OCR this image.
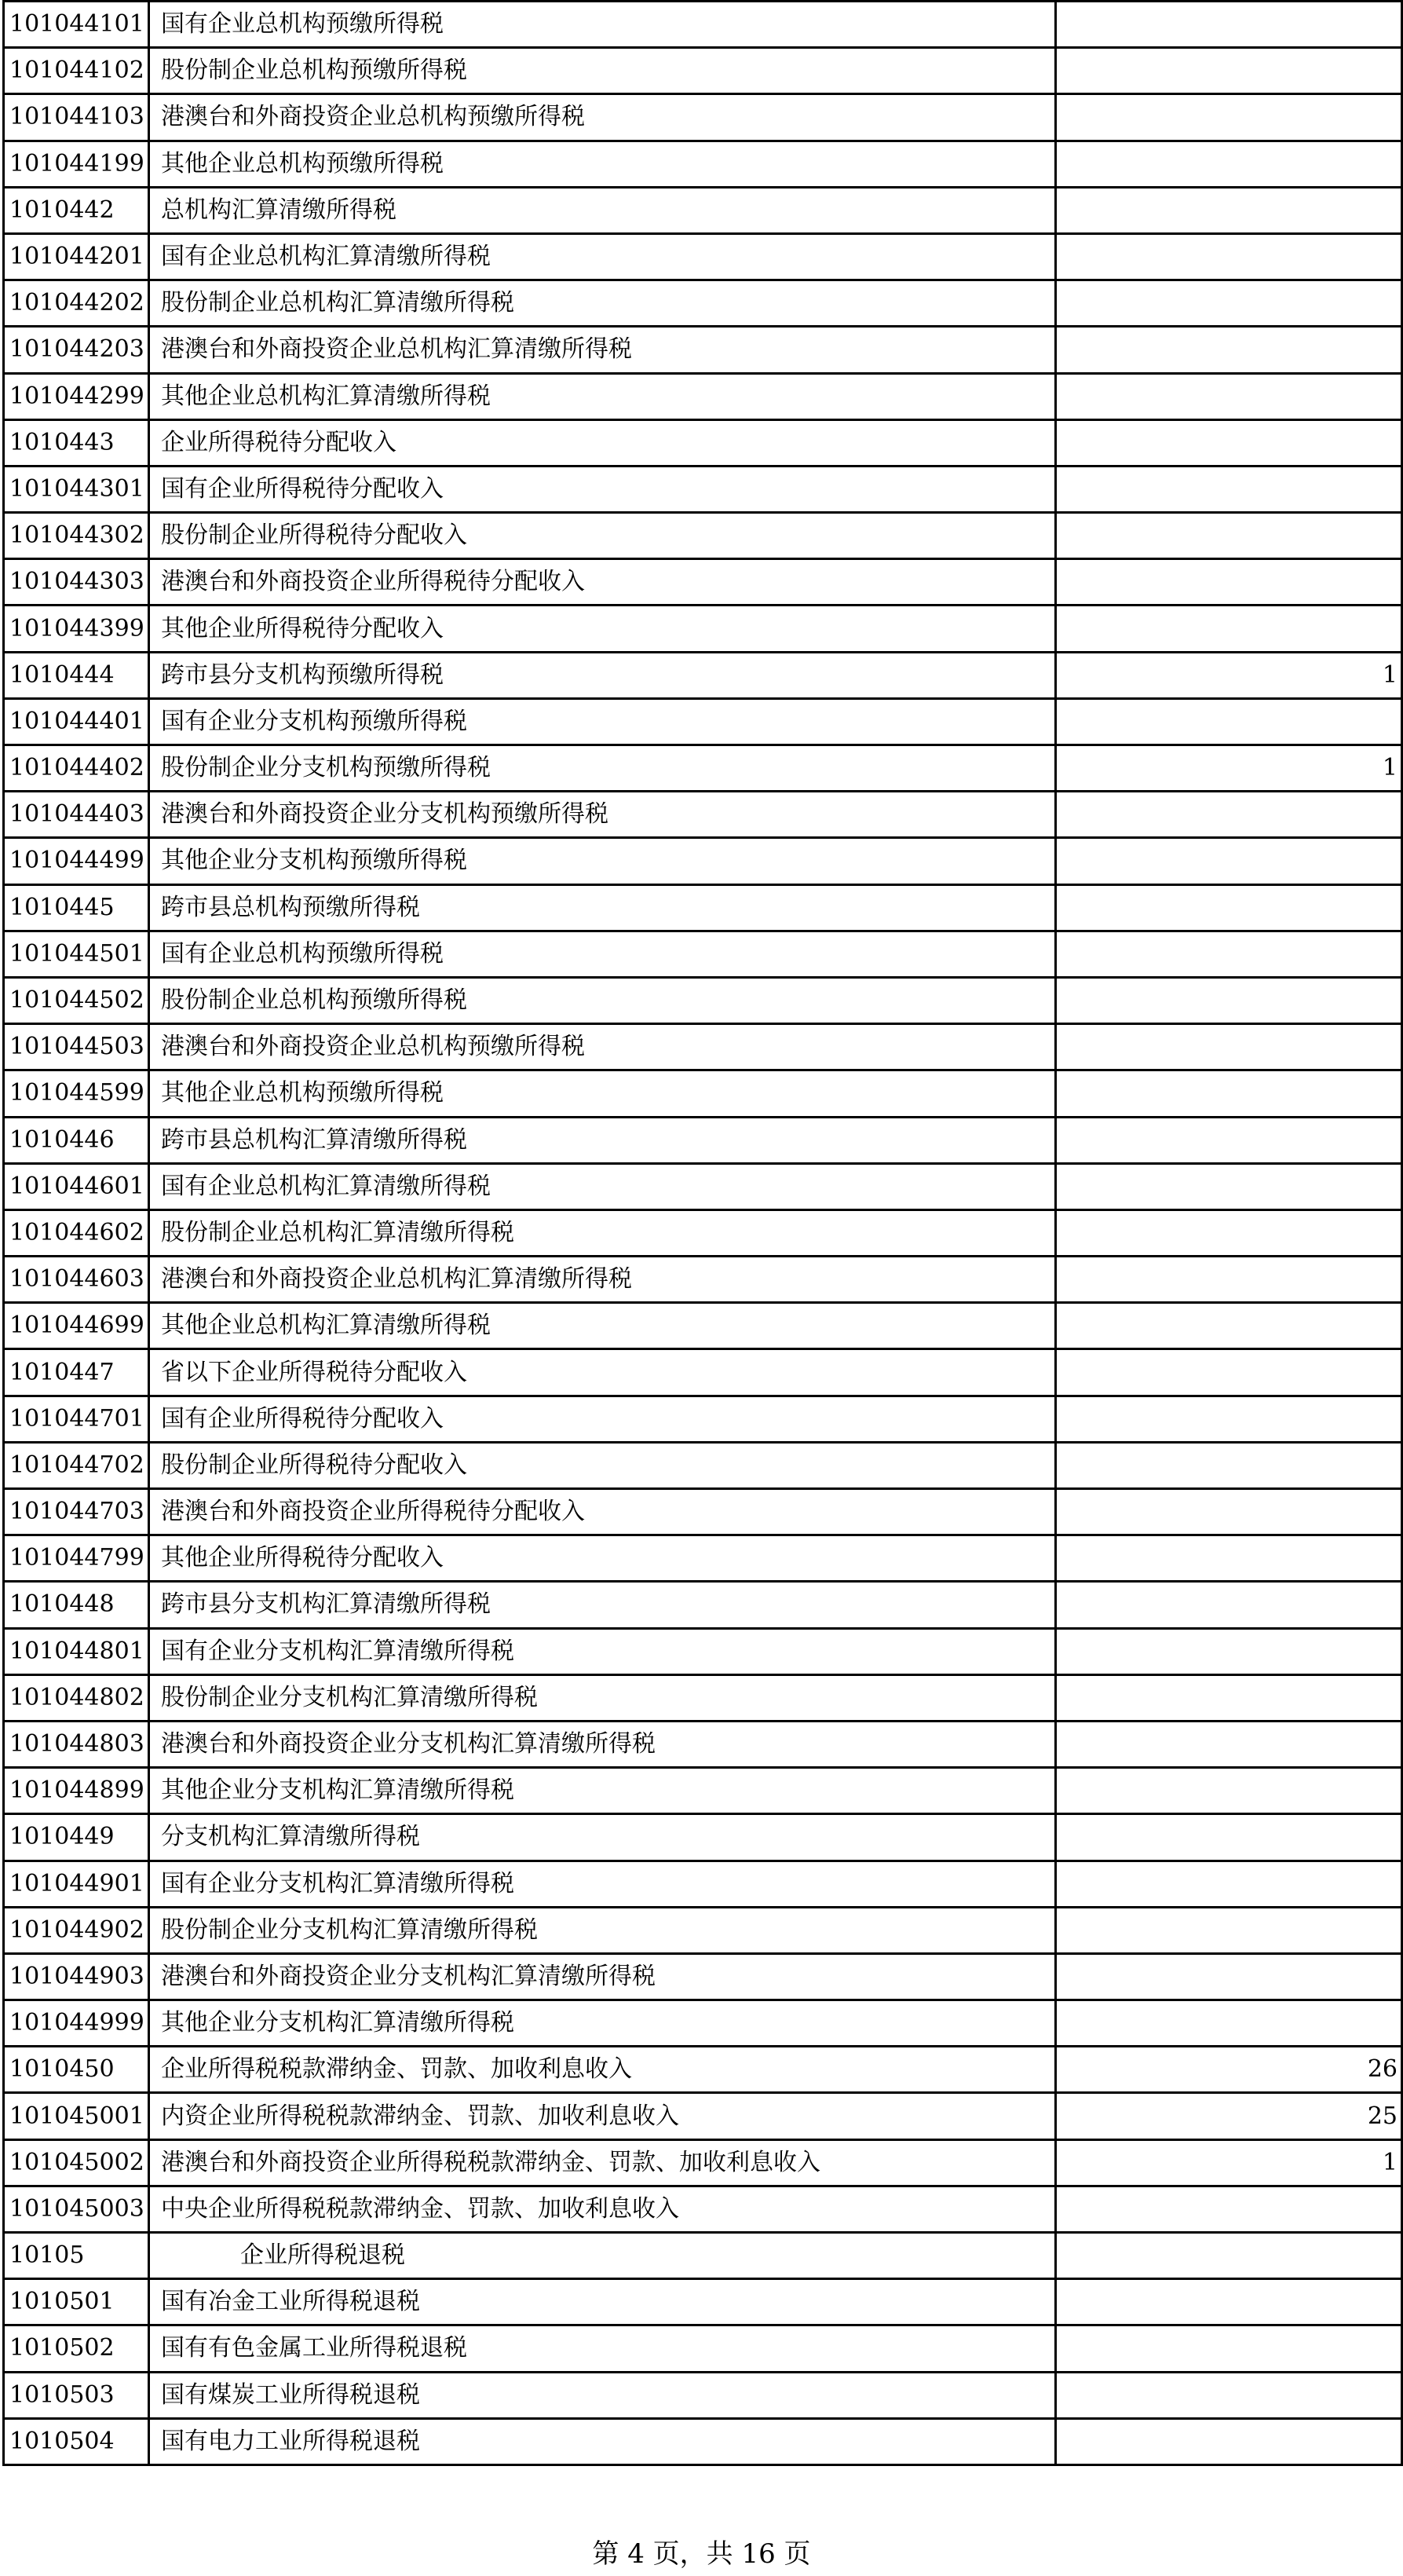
101044101	国有企业总机构预缴所得税	
101044102	股份制企业总机构预缴所得税	
101044103	港澳台和外商投资企业总机构预缴所得税	
101044199	其他企业总机构预缴所得税	
1010442	总机构汇算清缴所得税	
101044201	国有企业总机构汇算清缴所得税	
101044202	股份制企业总机构汇算清缴所得税	
101044203	港澳台和外商投资企业总机构汇算清缴所得税	
101044299	其他企业总机构汇算清缴所得税	
1010443	企业所得税待分配收入	
101044301	国有企业所得税待分配收入	
101044302	股份制企业所得税待分配收入	
101044303	港澳台和外商投资企业所得税待分配收入	
101044399	其他企业所得税待分配收入	
1010444	跨市县分支机构预缴所得税	1
101044401	国有企业分支机构预缴所得税	
101044402	股份制企业分支机构预缴所得税	1
101044403	港澳台和外商投资企业分支机构预缴所得税	
101044499	其他企业分支机构预缴所得税	
1010445	跨市县总机构预缴所得税	
101044501	国有企业总机构预缴所得税	
101044502	股份制企业总机构预缴所得税	
101044503	港澳台和外商投资企业总机构预缴所得税	
101044599	其他企业总机构预缴所得税	
1010446	跨市县总机构汇算清缴所得税	
101044601	国有企业总机构汇算清缴所得税	
101044602	股份制企业总机构汇算清缴所得税	
101044603	港澳台和外商投资企业总机构汇算清缴所得税	
101044699	其他企业总机构汇算清缴所得税	
1010447	省以下企业所得税待分配收入	
101044701	国有企业所得税待分配收入	
101044702	股份制企业所得税待分配收入	
101044703	港澳台和外商投资企业所得税待分配收入	
101044799	其他企业所得税待分配收入	
1010448	跨市县分支机构汇算清缴所得税	
101044801	国有企业分支机构汇算清缴所得税	
101044802	股份制企业分支机构汇算清缴所得税	
101044803	港澳台和外商投资企业分支机构汇算清缴所得税	
101044899	其他企业分支机构汇算清缴所得税	
1010449	分支机构汇算清缴所得税	
101044901	国有企业分支机构汇算清缴所得税	
101044902	股份制企业分支机构汇算清缴所得税	
101044903	港澳台和外商投资企业分支机构汇算清缴所得税	
101044999	其他企业分支机构汇算清缴所得税	
1010450	企业所得税税款滞纳金、罚款、加收利息收入	26
101045001	内资企业所得税税款滞纳金、罚款、加收利息收入	25
101045002	港澳台和外商投资企业所得税税款滞纳金、罚款、加收利息收入	1
101045003	中央企业所得税税款滞纳金、罚款、加收利息收入	
10105	企业所得税退税	
1010501	国有冶金工业所得税退税	
1010502	国有有色金属工业所得税退税	
1010503	国有煤炭工业所得税退税	
1010504	国有电力工业所得税退税	
第 4 页，共 16 页
